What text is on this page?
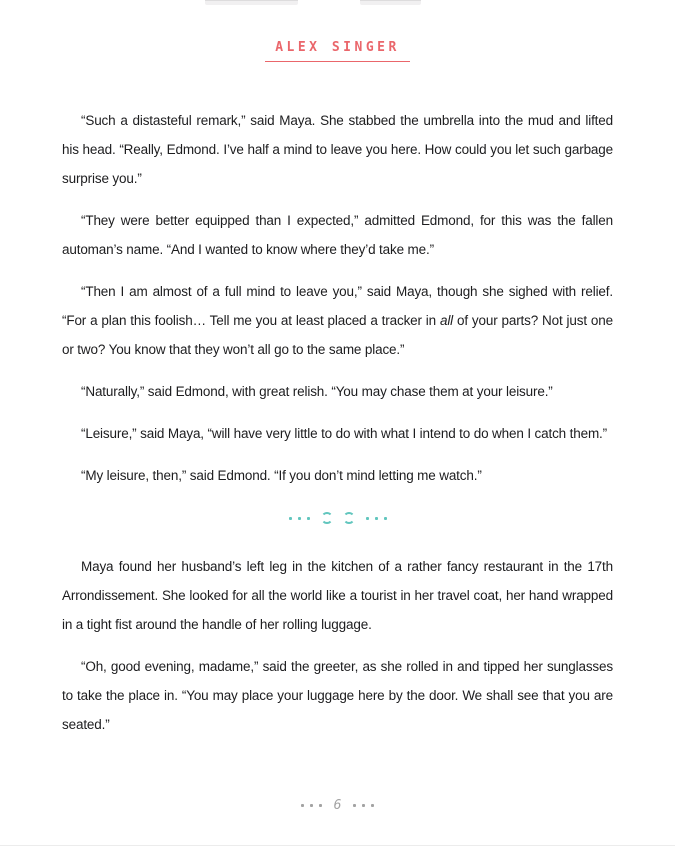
ALEX SINGER

“Such a distasteful remark,” said Maya. She stabbed the umbrella into the mud and lifted his head. “Really, Edmond. I’ve half a mind to leave you here. How could you let such garbage surprise you.”

“They were better equipped than I expected,” admitted Edmond, for this was the fallen automan’s name. “And I wanted to know where they’d take me.”

“Then I am almost of a full mind to leave you,” said Maya, though she sighed with relief. “For a plan this foolish… Tell me you at least placed a tracker in all of your parts? Not just one or two? You know that they won’t all go to the same place.”

“Naturally,” said Edmond, with great relish. “You may chase them at your leisure.”

“Leisure,” said Maya, “will have very little to do with what I intend to do when I catch them.”

“My leisure, then,” said Edmond. “If you don’t mind letting me watch.”

Maya found her husband’s left leg in the kitchen of a rather fancy restaurant in the 17th Arrondissement. She looked for all the world like a tourist in her travel coat, her hand wrapped in a tight fist around the handle of her rolling luggage.

“Oh, good evening, madame,” said the greeter, as she rolled in and tipped her sunglasses to take the place in. “You may place your luggage here by the door. We shall see that you are seated.”

6
